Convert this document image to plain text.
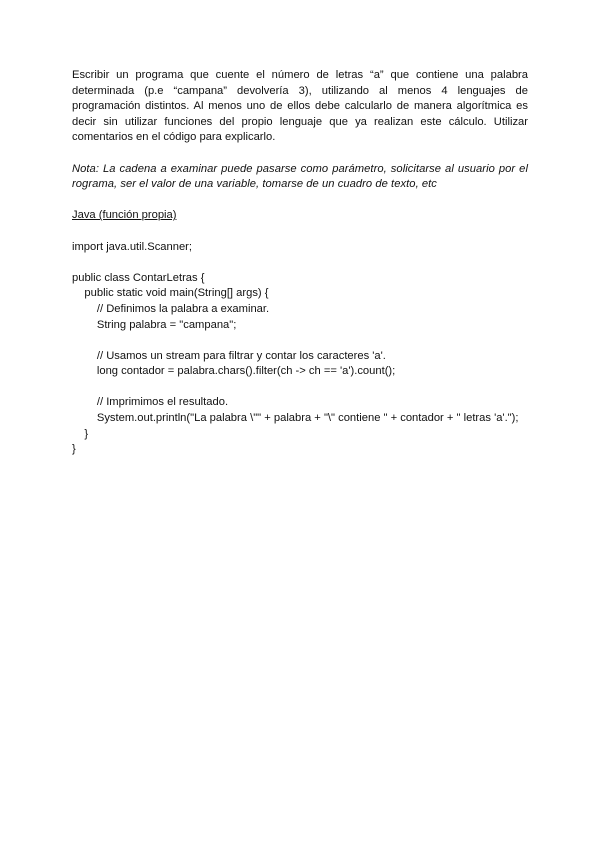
Escribir un programa que cuente el número de letras “a” que contiene una palabra determinada (p.e “campana” devolvería 3), utilizando al menos 4 lenguajes de programación distintos. Al menos uno de ellos debe calcularlo de manera algorítmica es decir sin utilizar funciones del propio lenguaje que ya realizan este cálculo. Utilizar comentarios en el código para explicarlo.

Nota: La cadena a examinar puede pasarse como parámetro, solicitarse al usuario por el rograma, ser el valor de una variable, tomarse de un cuadro de texto, etc

Java (función propia)

import java.util.Scanner;
public class ContarLetras {
public static void main(String[] args) {
// Definimos la palabra a examinar.
String palabra = "campana";
// Usamos un stream para filtrar y contar los caracteres 'a'.
long contador = palabra.chars().filter(ch -> ch == 'a').count();
// Imprimimos el resultado.
System.out.println("La palabra \"" + palabra + "\" contiene " + contador + " letras 'a'.");
}
}
